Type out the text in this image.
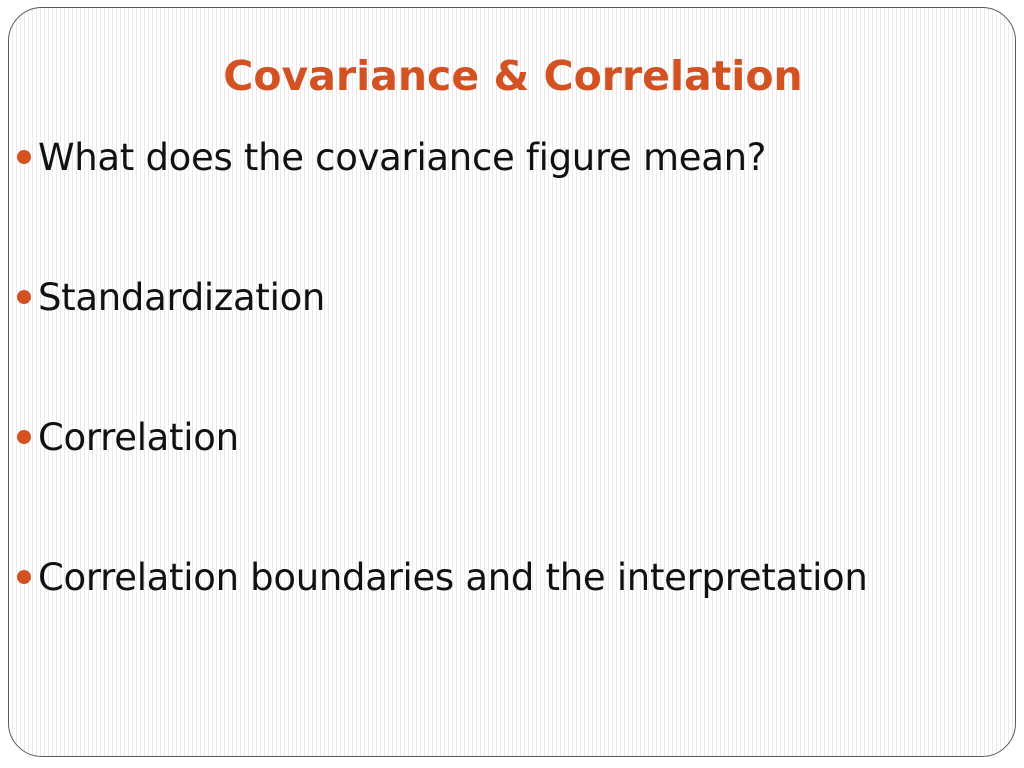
Covariance & Correlation
What does the covariance figure mean?
Standardization
Correlation
Correlation boundaries and the interpretation
